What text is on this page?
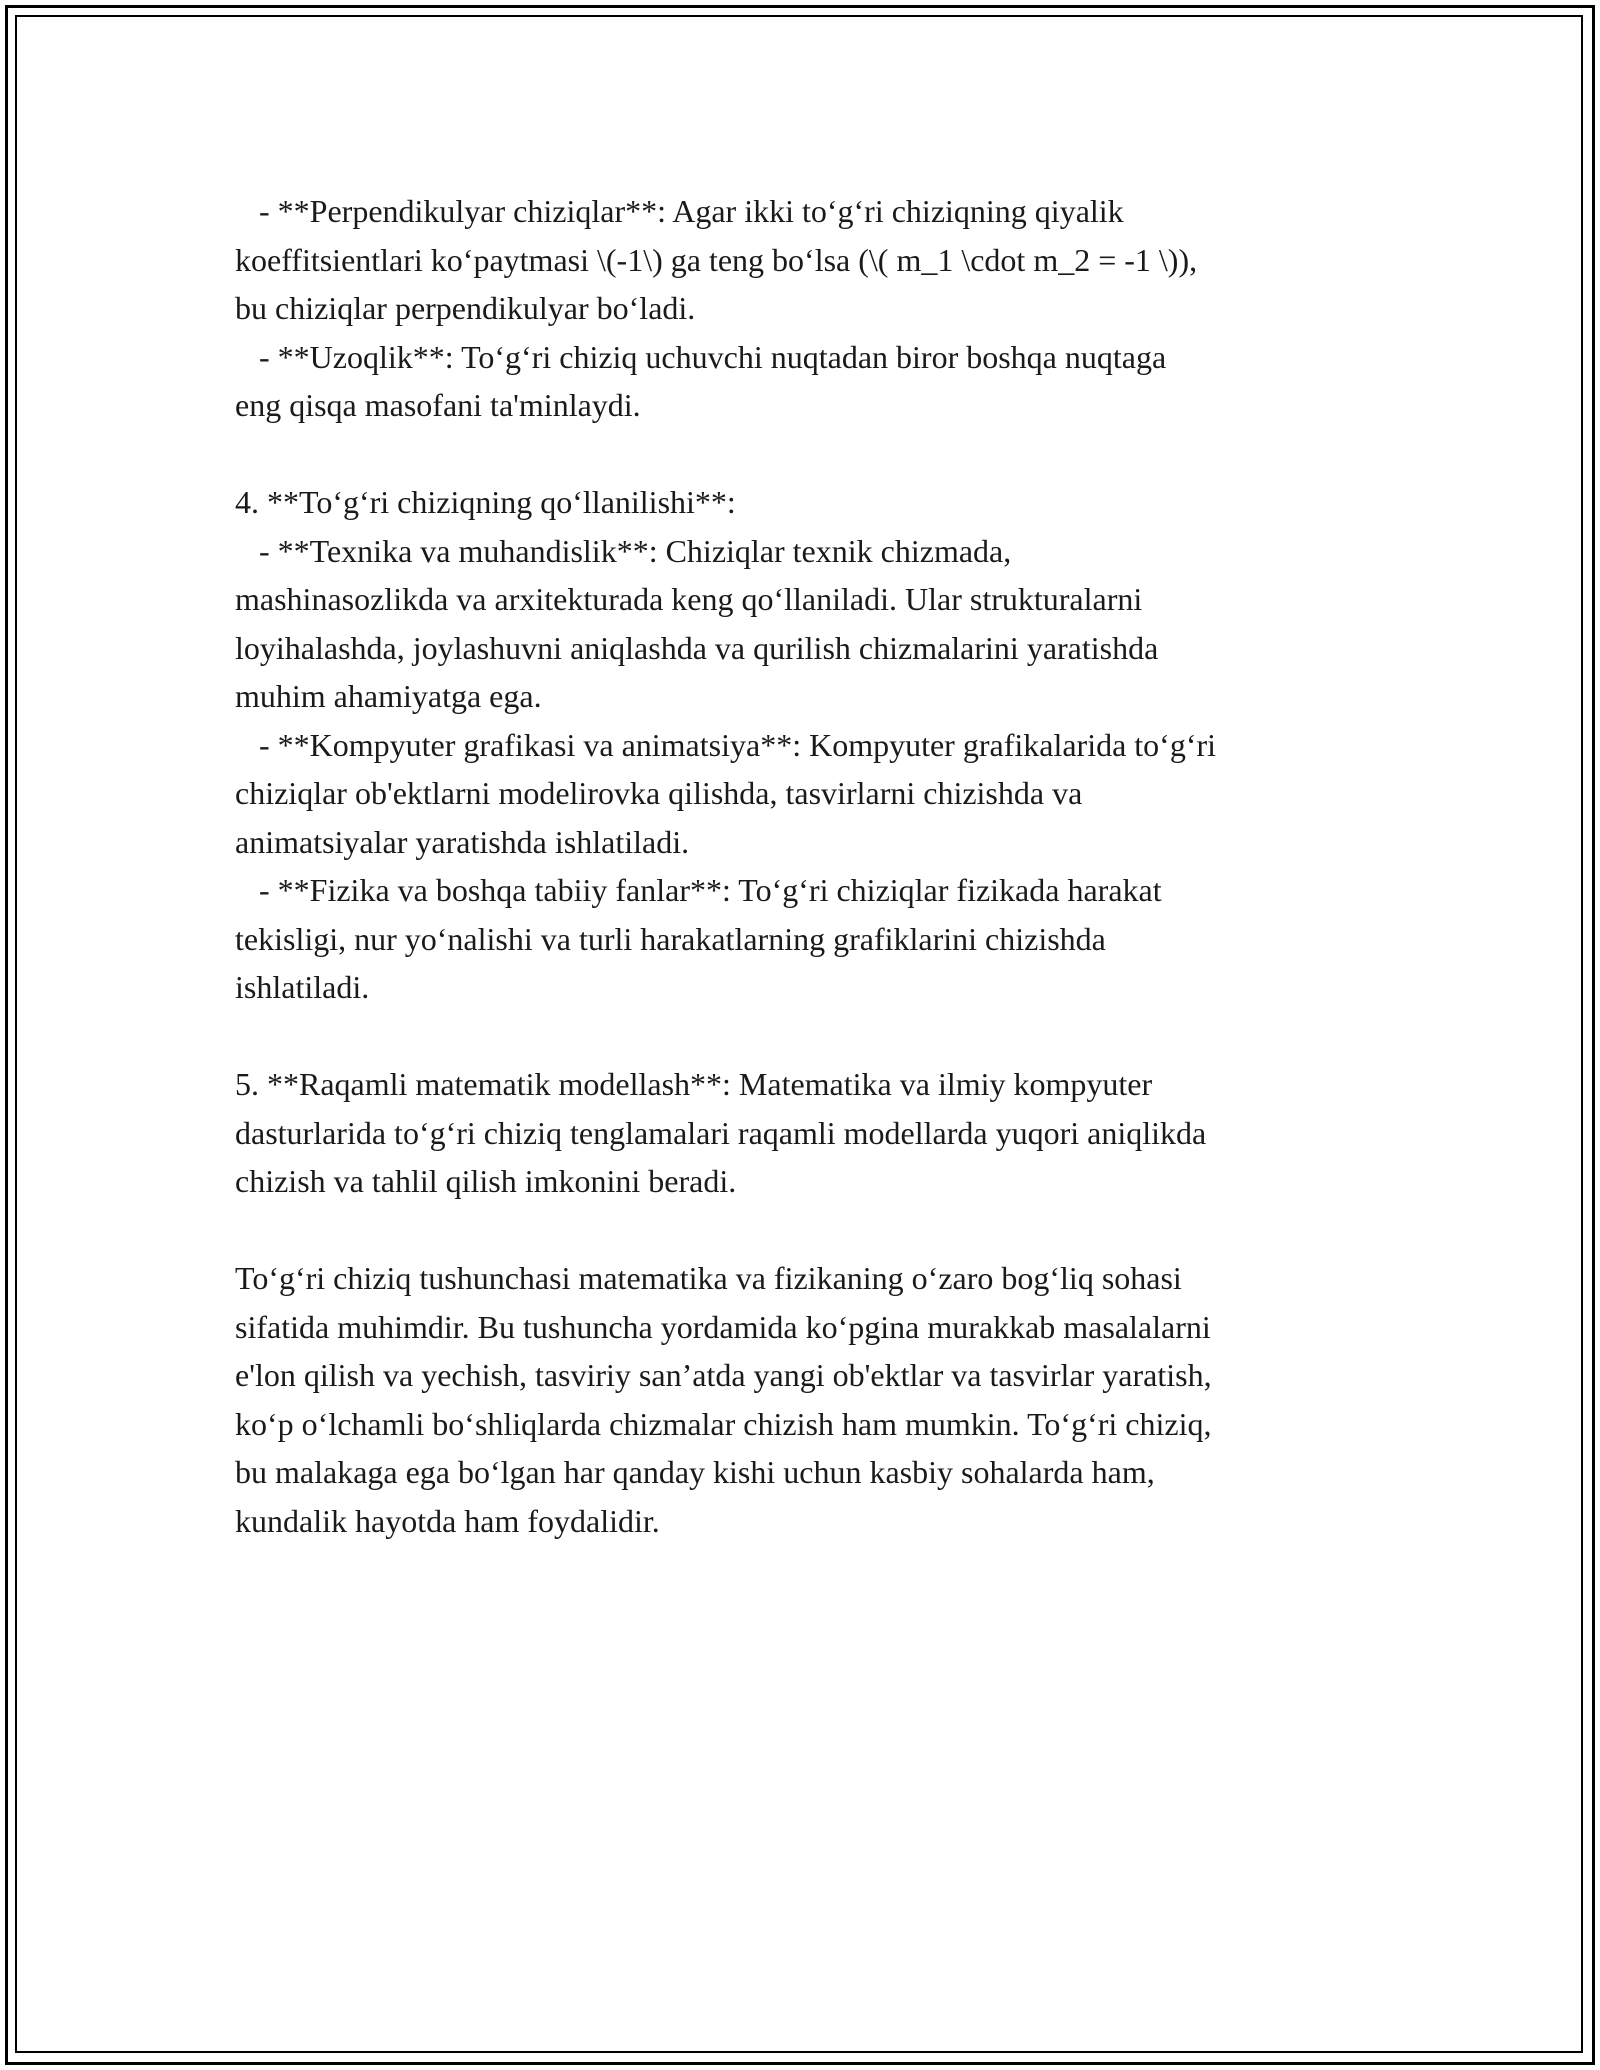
- **Perpendikulyar chiziqlar**: Agar ikki to‘g‘ri chiziqning qiyalik

koeffitsientlari ko‘paytmasi \(-1\) ga teng bo‘lsa (\( m_1 \cdot m_2 = -1 \)),

bu chiziqlar perpendikulyar bo‘ladi.

- **Uzoqlik**: To‘g‘ri chiziq uchuvchi nuqtadan biror boshqa nuqtaga

eng qisqa masofani ta'minlaydi.

4. **To‘g‘ri chiziqning qo‘llanilishi**:

- **Texnika va muhandislik**: Chiziqlar texnik chizmada,

mashinasozlikda va arxitekturada keng qo‘llaniladi. Ular strukturalarni

loyihalashda, joylashuvni aniqlashda va qurilish chizmalarini yaratishda

muhim ahamiyatga ega.

- **Kompyuter grafikasi va animatsiya**: Kompyuter grafikalarida to‘g‘ri

chiziqlar ob'ektlarni modelirovka qilishda, tasvirlarni chizishda va

animatsiyalar yaratishda ishlatiladi.

- **Fizika va boshqa tabiiy fanlar**: To‘g‘ri chiziqlar fizikada harakat

tekisligi, nur yo‘nalishi va turli harakatlarning grafiklarini chizishda

ishlatiladi.

5. **Raqamli matematik modellash**: Matematika va ilmiy kompyuter

dasturlarida to‘g‘ri chiziq tenglamalari raqamli modellarda yuqori aniqlikda

chizish va tahlil qilish imkonini beradi.

To‘g‘ri chiziq tushunchasi matematika va fizikaning o‘zaro bog‘liq sohasi

sifatida muhimdir. Bu tushuncha yordamida ko‘pgina murakkab masalalarni

e'lon qilish va yechish, tasviriy san’atda yangi ob'ektlar va tasvirlar yaratish,

ko‘p o‘lchamli bo‘shliqlarda chizmalar chizish ham mumkin. To‘g‘ri chiziq,

bu malakaga ega bo‘lgan har qanday kishi uchun kasbiy sohalarda ham,

kundalik hayotda ham foydalidir.
